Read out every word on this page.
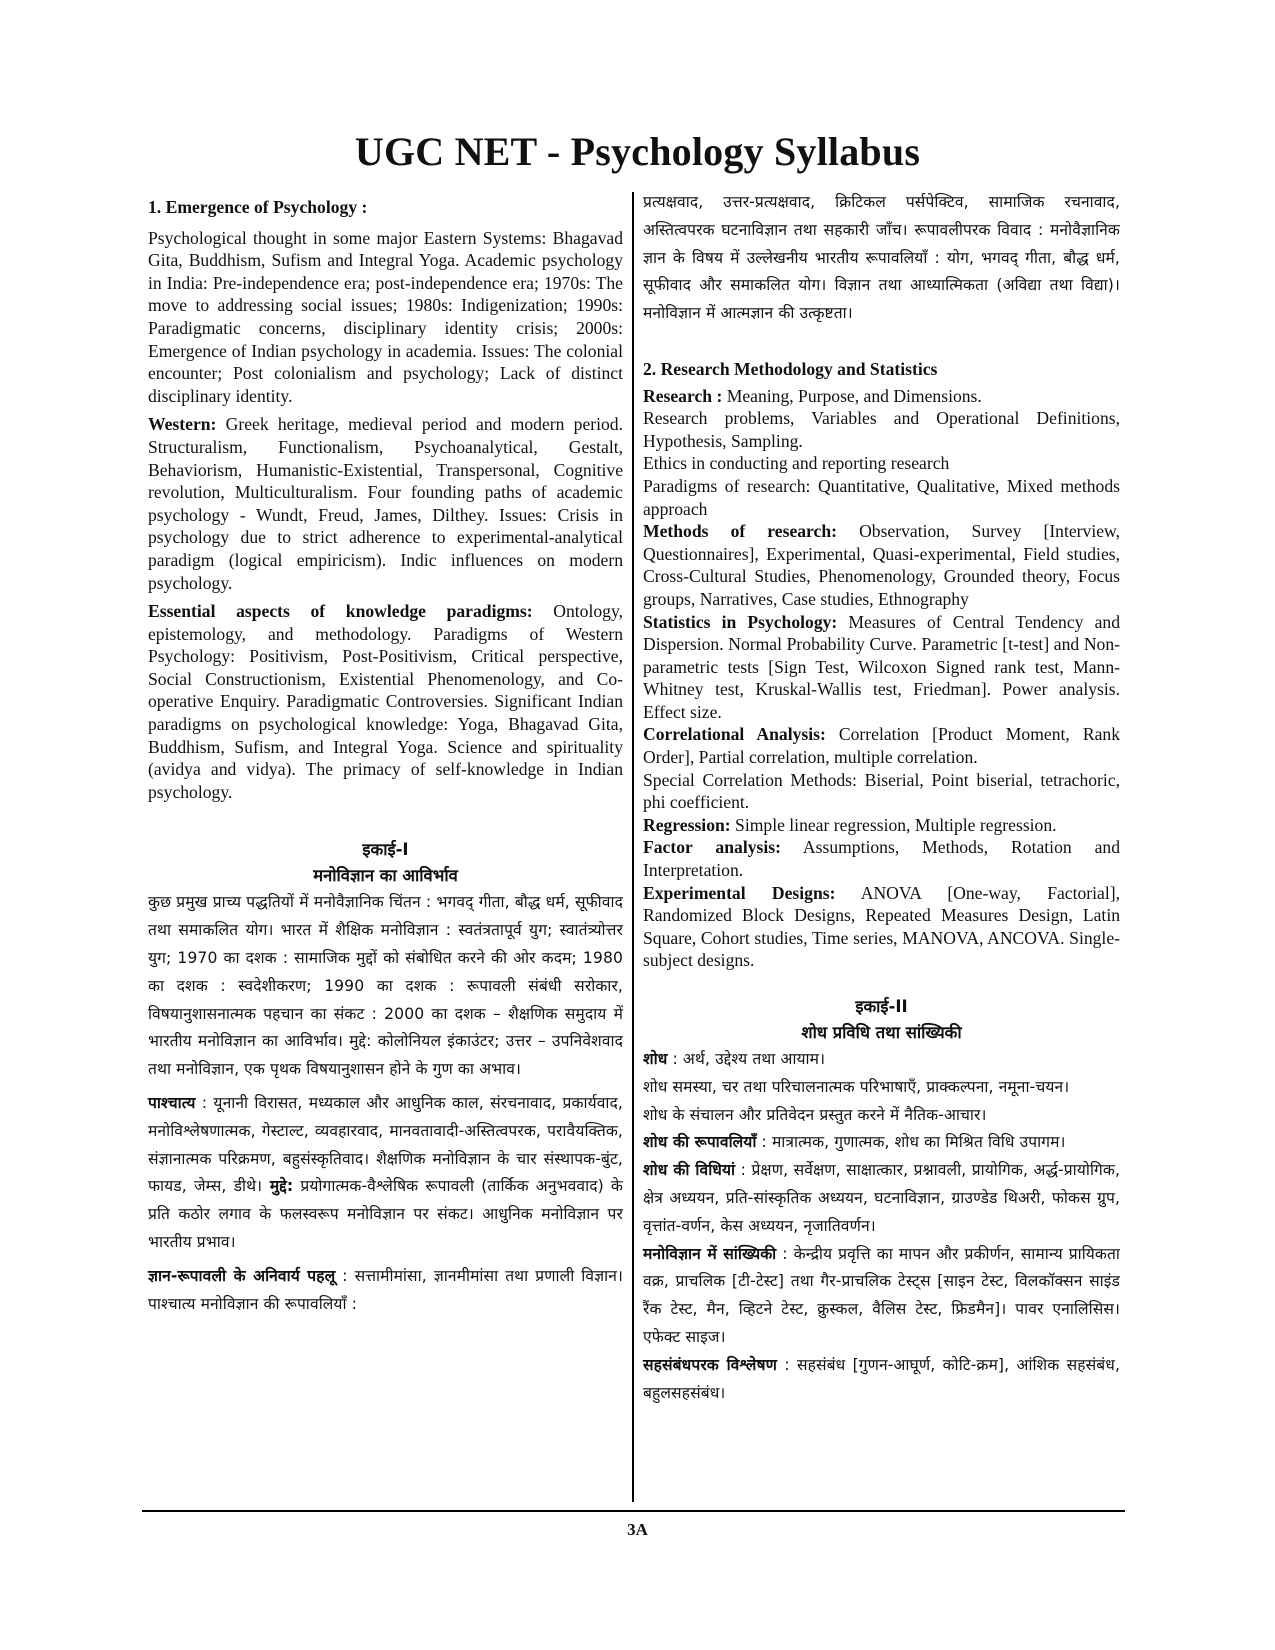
UGC NET - Psychology Syllabus

1. Emergence of Psychology :

Psychological thought in some major Eastern Systems: Bhagavad Gita, Buddhism, Sufism and Integral Yoga. Academic psychology in India: Pre-independence era; post-independence era; 1970s: The move to addressing social issues; 1980s: Indigenization; 1990s: Paradigmatic concerns, disciplinary identity crisis; 2000s: Emergence of Indian psychology in academia. Issues: The colonial encounter; Post colonialism and psychology; Lack of distinct disciplinary identity.

Western: Greek heritage, medieval period and modern period. Structuralism, Functionalism, Psychoanalytical, Gestalt, Behaviorism, Humanistic-Existential, Transpersonal, Cognitive revolution, Multiculturalism. Four founding paths of academic psychology - Wundt, Freud, James, Dilthey. Issues: Crisis in psychology due to strict adherence to experimental-analytical paradigm (logical empiricism). Indic influences on modern psychology.

Essential aspects of knowledge paradigms: Ontology, epistemology, and methodology. Paradigms of Western Psychology: Positivism, Post-Positivism, Critical perspective, Social Constructionism, Existential Phenomenology, and Co-operative Enquiry. Paradigmatic Controversies. Significant Indian paradigms on psychological knowledge: Yoga, Bhagavad Gita, Buddhism, Sufism, and Integral Yoga. Science and spirituality (avidya and vidya). The primacy of self-knowledge in Indian psychology.

इकाई-I
मनोविज्ञान का आविर्भाव

कुछ प्रमुख प्राच्य पद्धतियों में मनोवैज्ञानिक चिंतन : भगवद् गीता, बौद्ध धर्म, सूफीवाद तथा समाकलित योग। भारत में शैक्षिक मनोविज्ञान : स्वतंत्रतापूर्व युग; स्वातंत्र्योत्तर युग; 1970 का दशक : सामाजिक मुद्दों को संबोधित करने की ओर कदम; 1980 का दशक : स्वदेशीकरण; 1990 का दशक : रूपावली संबंधी सरोकार, विषयानुशासनात्मक पहचान का संकट : 2000 का दशक – शैक्षणिक समुदाय में भारतीय मनोविज्ञान का आविर्भाव। मुद्दे: कोलोनियल इंकाउंटर; उत्तर – उपनिवेशवाद तथा मनोविज्ञान, एक पृथक विषयानुशासन होने के गुण का अभाव।

पाश्चात्य : यूनानी विरासत, मध्यकाल और आधुनिक काल, संरचनावाद, प्रकार्यवाद, मनोविश्लेषणात्मक, गेस्टाल्ट, व्यवहारवाद, मानवतावादी-अस्तित्वपरक, परावैयक्तिक, संज्ञानात्मक परिक्रमण, बहुसंस्कृतिवाद। शैक्षणिक मनोविज्ञान के चार संस्थापक-बुंट, फायड, जेम्स, डीथे। मुद्दे: प्रयोगात्मक-वैश्लेषिक रूपावली (तार्किक अनुभववाद) के प्रति कठोर लगाव के फलस्वरूप मनोविज्ञान पर संकट। आधुनिक मनोविज्ञान पर भारतीय प्रभाव।

ज्ञान-रूपावली के अनिवार्य पहलू : सत्तामीमांसा, ज्ञानमीमांसा तथा प्रणाली विज्ञान। पाश्चात्य मनोविज्ञान की रूपावलियाँ :

प्रत्यक्षवाद, उत्तर-प्रत्यक्षवाद, क्रिटिकल पर्सपेक्टिव, सामाजिक रचनावाद, अस्तित्वपरक घटनाविज्ञान तथा सहकारी जाँच। रूपावलीपरक विवाद : मनोवैज्ञानिक ज्ञान के विषय में उल्लेखनीय भारतीय रूपावलियाँ : योग, भगवद् गीता, बौद्ध धर्म, सूफीवाद और समाकलित योग। विज्ञान तथा आध्यात्मिकता (अविद्या तथा विद्या)। मनोविज्ञान में आत्मज्ञान की उत्कृष्टता।

2. Research Methodology and Statistics

Research : Meaning, Purpose, and Dimensions.

Research problems, Variables and Operational Definitions, Hypothesis, Sampling.

Ethics in conducting and reporting research

Paradigms of research: Quantitative, Qualitative, Mixed methods approach

Methods of research: Observation, Survey [Interview, Questionnaires], Experimental, Quasi-experimental, Field studies, Cross-Cultural Studies, Phenomenology, Grounded theory, Focus groups, Narratives, Case studies, Ethnography

Statistics in Psychology: Measures of Central Tendency and Dispersion. Normal Probability Curve. Parametric [t-test] and Non-parametric tests [Sign Test, Wilcoxon Signed rank test, Mann-Whitney test, Kruskal-Wallis test, Friedman]. Power analysis. Effect size.

Correlational Analysis: Correlation [Product Moment, Rank Order], Partial correlation, multiple correlation.

Special Correlation Methods: Biserial, Point biserial, tetrachoric, phi coefficient.

Regression: Simple linear regression, Multiple regression.

Factor analysis: Assumptions, Methods, Rotation and Interpretation.

Experimental Designs: ANOVA [One-way, Factorial], Randomized Block Designs, Repeated Measures Design, Latin Square, Cohort studies, Time series, MANOVA, ANCOVA. Single-subject designs.

इकाई-II
शोध प्रविधि तथा सांख्यिकी

शोध : अर्थ, उद्देश्य तथा आयाम।

शोध समस्या, चर तथा परिचालनात्मक परिभाषाएँ, प्राक्कल्पना, नमूना-चयन।

शोध के संचालन और प्रतिवेदन प्रस्तुत करने में नैतिक-आचार।

शोध की रूपावलियाँ : मात्रात्मक, गुणात्मक, शोध का मिश्रित विधि उपागम।

शोध की विधियां : प्रेक्षण, सर्वेक्षण, साक्षात्कार, प्रश्नावली, प्रायोगिक, अर्द्ध-प्रायोगिक, क्षेत्र अध्ययन, प्रति-सांस्कृतिक अध्ययन, घटनाविज्ञान, ग्राउण्डेड थिअरी, फोकस ग्रुप, वृत्तांत-वर्णन, केस अध्ययन, नृजातिवर्णन।

मनोविज्ञान में सांख्यिकी : केन्द्रीय प्रवृत्ति का मापन और प्रकीर्णन, सामान्य प्रायिकता वक्र, प्राचलिक [टी-टेस्ट] तथा गैर-प्राचलिक टेस्ट्स [साइन टेस्ट, विलकॉक्सन साइंड रैंक टेस्ट, मैन, व्हिटने टेस्ट, क्रुस्कल, वैलिस टेस्ट, फ्रिडमैन]। पावर एनालिसिस। एफेक्ट साइज।

सहसंबंधपरक विश्लेषण : सहसंबंध [गुणन-आघूर्ण, कोटि-क्रम], आंशिक सहसंबंध, बहुलसहसंबंध।

3A
